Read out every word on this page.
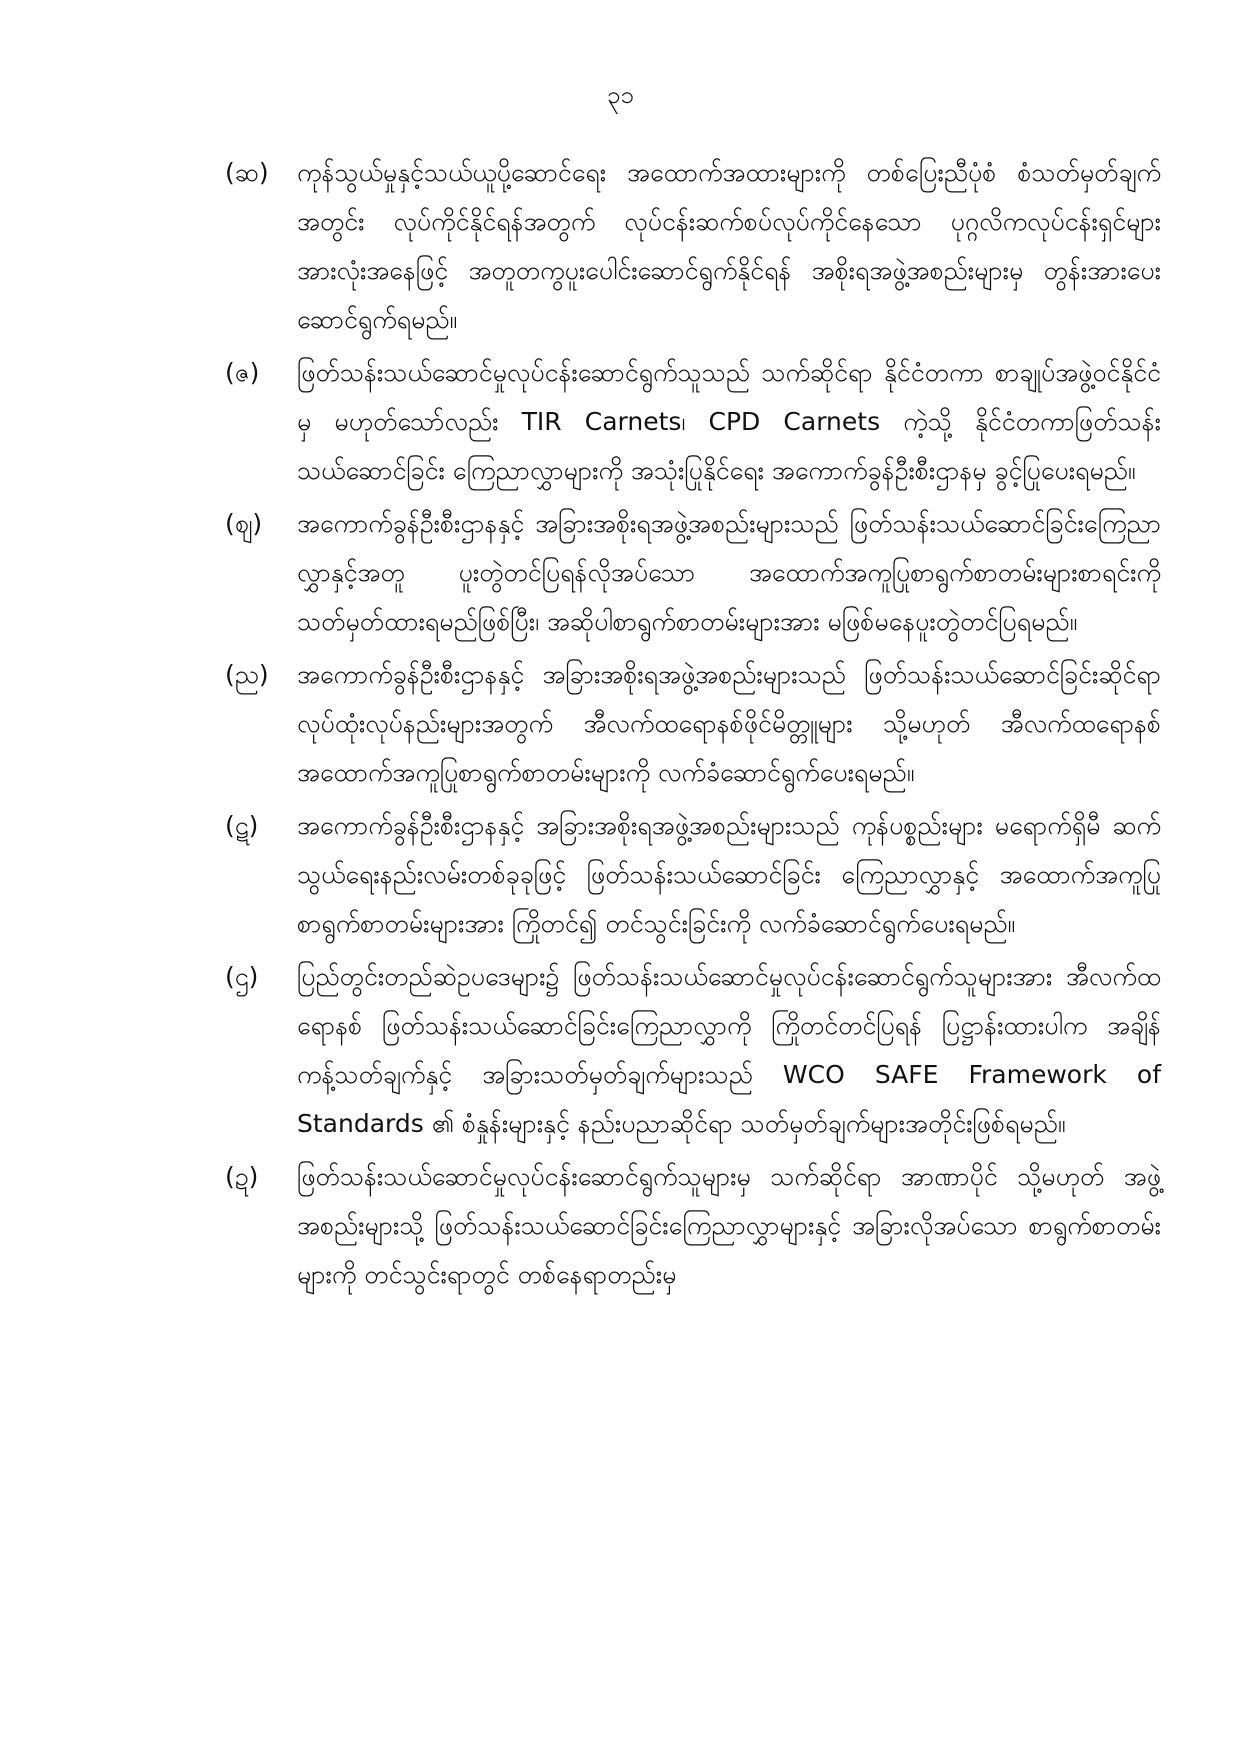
၃၁
(ဆ)	ကုန်သွယ်မှုနှင့်သယ်ယူပို့ဆောင်ရေး အထောက်အထားများကို တစ်ပြေးညီပုံစံ စံသတ်မှတ်ချက်အတွင်း လုပ်ကိုင်နိုင်ရန်အတွက် လုပ်ငန်းဆက်စပ်လုပ်ကိုင်နေသော ပုဂ္ဂလိကလုပ်ငန်းရှင်များအားလုံးအနေဖြင့် အတူတကွပူးပေါင်းဆောင်ရွက်နိုင်ရန် အစိုးရအဖွဲ့အစည်းများမှ တွန်းအားပေးဆောင်ရွက်ရမည်။

(ဇ)	ဖြတ်သန်းသယ်ဆောင်မှုလုပ်ငန်းဆောင်ရွက်သူသည် သက်ဆိုင်ရာ နိုင်ငံတကာ စာချုပ်အဖွဲ့ဝင်နိုင်ငံမှ မဟုတ်သော်လည်း TIR Carnets၊ CPD Carnets ကဲ့သို့ နိုင်ငံတကာဖြတ်သန်းသယ်ဆောင်ခြင်း ကြေညာလွှာများကို အသုံးပြုနိုင်ရေး အကောက်ခွန်ဦးစီးဌာနမှ ခွင့်ပြုပေးရမည်။

(ဈ)	အကောက်ခွန်ဦးစီးဌာနနှင့် အခြားအစိုးရအဖွဲ့အစည်းများသည် ဖြတ်သန်းသယ်ဆောင်ခြင်းကြေညာလွှာနှင့်အတူ ပူးတွဲတင်ပြရန်လိုအပ်သော အထောက်အကူပြုစာရွက်စာတမ်းများစာရင်းကို သတ်မှတ်ထားရမည်ဖြစ်ပြီး၊ အဆိုပါစာရွက်စာတမ်းများအား မဖြစ်မနေပူးတွဲတင်ပြရမည်။

(ည)	အကောက်ခွန်ဦးစီးဌာနနှင့် အခြားအစိုးရအဖွဲ့အစည်းများသည် ဖြတ်သန်းသယ်ဆောင်ခြင်းဆိုင်ရာ လုပ်ထုံးလုပ်နည်းများအတွက် အီလက်ထရောနစ်ဖိုင်မိတ္တူများ သို့မဟုတ် အီလက်ထရောနစ်အထောက်အကူပြုစာရွက်စာတမ်းများကို လက်ခံဆောင်ရွက်ပေးရမည်။

(ဋ)	အကောက်ခွန်ဦးစီးဌာနနှင့် အခြားအစိုးရအဖွဲ့အစည်းများသည် ကုန်ပစ္စည်းများ မရောက်ရှိမီ ဆက်သွယ်ရေးနည်းလမ်းတစ်ခုခုဖြင့် ဖြတ်သန်းသယ်ဆောင်ခြင်း ကြေညာလွှာနှင့် အထောက်အကူပြုစာရွက်စာတမ်းများအား ကြိုတင်၍ တင်သွင်းခြင်းကို လက်ခံဆောင်ရွက်ပေးရမည်။

(ဌ)	ပြည်တွင်းတည်ဆဲဥပဒေများ၌ ဖြတ်သန်းသယ်ဆောင်မှုလုပ်ငန်းဆောင်ရွက်သူများအား အီလက်ထရောနစ် ဖြတ်သန်းသယ်ဆောင်ခြင်းကြေညာလွှာကို ကြိုတင်တင်ပြရန် ပြဋ္ဌာန်းထားပါက အချိန်ကန့်သတ်ချက်နှင့် အခြားသတ်မှတ်ချက်များသည် WCO SAFE Framework of Standards ၏ စံနှုန်းများနှင့် နည်းပညာဆိုင်ရာ သတ်မှတ်ချက်များအတိုင်းဖြစ်ရမည်။

(ဍ)	ဖြတ်သန်းသယ်ဆောင်မှုလုပ်ငန်းဆောင်ရွက်သူများမှ သက်ဆိုင်ရာ အာဏာပိုင် သို့မဟုတ် အဖွဲ့အစည်းများသို့ ဖြတ်သန်းသယ်ဆောင်ခြင်းကြေညာလွှာများနှင့် အခြားလိုအပ်သော စာရွက်စာတမ်းများကို တင်သွင်းရာတွင် တစ်နေရာတည်းမှ
